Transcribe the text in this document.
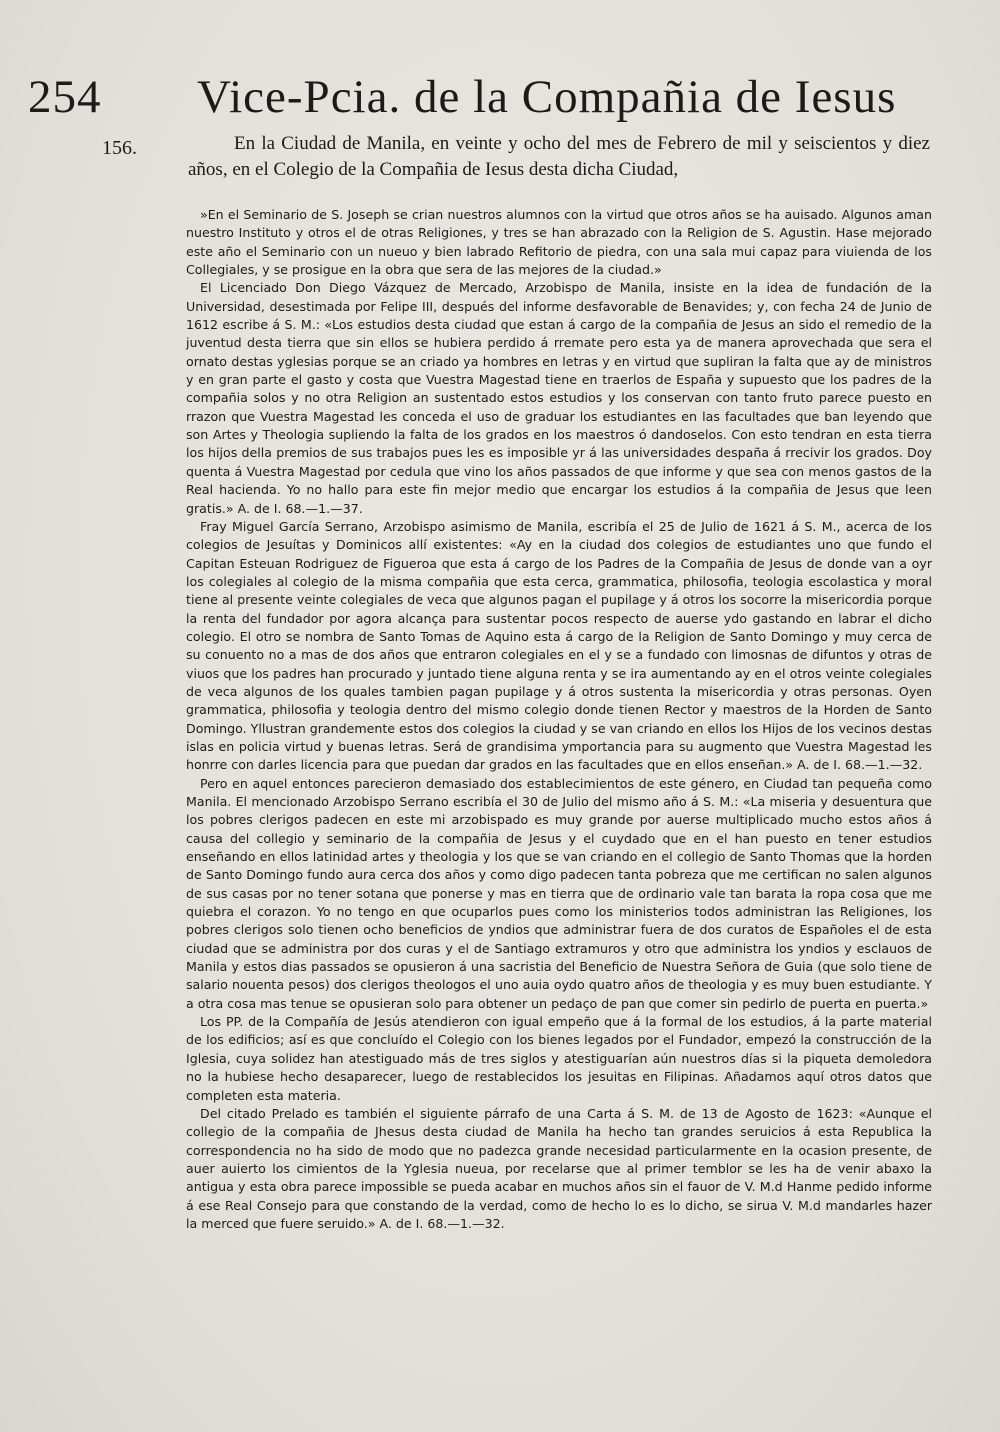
254 Vice-Pcia. de la Compañia de Iesus
156.	En la Ciudad de Manila, en veinte y ocho del mes de Febrero de mil y seiscientos y diez años, en el Colegio de la Compañia de Iesus desta dicha Ciudad,

»En el Seminario de S. Joseph se crian nuestros alumnos con la virtud que otros años se ha auisado. Algunos aman nuestro Instituto y otros el de otras Religiones, y tres se han abrazado con la Religion de S. Agustin. Hase mejorado este año el Seminario con un nueuo y bien labrado Refitorio de piedra, con una sala mui capaz para viuienda de los Collegiales, y se prosigue en la obra que sera de las mejores de la ciudad.»

El Licenciado Don Diego Vázquez de Mercado, Arzobispo de Manila, insiste en la idea de fundación de la Universidad, desestimada por Felipe III, después del informe desfavorable de Benavides; y, con fecha 24 de Junio de 1612 escribe á S. M.: «Los estudios desta ciudad que estan á cargo de la compañia de Jesus an sido el remedio de la juventud desta tierra que sin ellos se hubiera perdido á rremate pero esta ya de manera aprovechada que sera el ornato destas yglesias porque se an criado ya hombres en letras y en virtud que supliran la falta que ay de ministros y en gran parte el gasto y costa que Vuestra Magestad tiene en traerlos de España y supuesto que los padres de la compañia solos y no otra Religion an sustentado estos estudios y los conservan con tanto fruto parece puesto en rrazon que Vuestra Magestad les conceda el uso de graduar los estudiantes en las facultades que ban leyendo que son Artes y Theologia supliendo la falta de los grados en los maestros ó dandoselos. Con esto tendran en esta tierra los hijos della premios de sus trabajos pues les es imposible yr á las universidades despaña á rrecivir los grados. Doy quenta á Vuestra Magestad por cedula que vino los años passados de que informe y que sea con menos gastos de la Real hacienda. Yo no hallo para este fin mejor medio que encargar los estudios á la compañia de Jesus que leen gratis.» A. de I. 68.—1.—37.

Fray Miguel García Serrano, Arzobispo asimismo de Manila, escribía el 25 de Julio de 1621 á S. M., acerca de los colegios de Jesuítas y Dominicos allí existentes: «Ay en la ciudad dos colegios de estudiantes uno que fundo el Capitan Esteuan Rodriguez de Figueroa que esta á cargo de los Padres de la Compañia de Jesus de donde van a oyr los colegiales al colegio de la misma compañia que esta cerca, grammatica, philosofia, teologia escolastica y moral tiene al presente veinte colegiales de veca que algunos pagan el pupilage y á otros los socorre la misericordia porque la renta del fundador por agora alcança para sustentar pocos respecto de auerse ydo gastando en labrar el dicho colegio. El otro se nombra de Santo Tomas de Aquino esta á cargo de la Religion de Santo Domingo y muy cerca de su conuento no a mas de dos años que entraron colegiales en el y se a fundado con limosnas de difuntos y otras de viuos que los padres han procurado y juntado tiene alguna renta y se ira aumentando ay en el otros veinte colegiales de veca algunos de los quales tambien pagan pupilage y á otros sustenta la misericordia y otras personas. Oyen grammatica, philosofia y teologia dentro del mismo colegio donde tienen Rector y maestros de la Horden de Santo Domingo. Yllustran grandemente estos dos colegios la ciudad y se van criando en ellos los Hijos de los vecinos destas islas en policia virtud y buenas letras. Será de grandisima ymportancia para su augmento que Vuestra Magestad les honrre con darles licencia para que puedan dar grados en las facultades que en ellos enseñan.» A. de I. 68.—1.—32.

Pero en aquel entonces parecieron demasiado dos establecimientos de este género, en Ciudad tan pequeña como Manila. El mencionado Arzobispo Serrano escribía el 30 de Julio del mismo año á S. M.: «La miseria y desuentura que los pobres clerigos padecen en este mi arzobispado es muy grande por auerse multiplicado mucho estos años á causa del collegio y seminario de la compañia de Jesus y el cuydado que en el han puesto en tener estudios enseñando en ellos latinidad artes y theologia y los que se van criando en el collegio de Santo Thomas que la horden de Santo Domingo fundo aura cerca dos años y como digo padecen tanta pobreza que me certifican no salen algunos de sus casas por no tener sotana que ponerse y mas en tierra que de ordinario vale tan barata la ropa cosa que me quiebra el corazon. Yo no tengo en que ocuparlos pues como los ministerios todos administran las Religiones, los pobres clerigos solo tienen ocho beneficios de yndios que administrar fuera de dos curatos de Españoles el de esta ciudad que se administra por dos curas y el de Santiago extramuros y otro que administra los yndios y esclauos de Manila y estos dias passados se opusieron á una sacristia del Beneficio de Nuestra Señora de Guia (que solo tiene de salario nouenta pesos) dos clerigos theologos el uno auia oydo quatro años de theologia y es muy buen estudiante. Y a otra cosa mas tenue se opusieran solo para obtener un pedaço de pan que comer sin pedirlo de puerta en puerta.»

Los PP. de la Compañía de Jesús atendieron con igual empeño que á la formal de los estudios, á la parte material de los edificios; así es que concluído el Colegio con los bienes legados por el Fundador, empezó la construcción de la Iglesia, cuya solidez han atestiguado más de tres siglos y atestiguarían aún nuestros días si la piqueta demoledora no la hubiese hecho desaparecer, luego de restablecidos los jesuitas en Filipinas. Añadamos aquí otros datos que completen esta materia.

Del citado Prelado es también el siguiente párrafo de una Carta á S. M. de 13 de Agosto de 1623: «Aunque el collegio de la compañia de Jhesus desta ciudad de Manila ha hecho tan grandes seruicios á esta Republica la correspondencia no ha sido de modo que no padezca grande necesidad particularmente en la ocasion presente, de auer auierto los cimientos de la Yglesia nueua, por recelarse que al primer temblor se les ha de venir abaxo la antigua y esta obra parece impossible se pueda acabar en muchos años sin el fauor de V. M.d Hanme pedido informe á ese Real Consejo para que constando de la verdad, como de hecho lo es lo dicho, se sirua V. M.d mandarles hazer la merced que fuere seruido.» A. de I. 68.—1.—32.
